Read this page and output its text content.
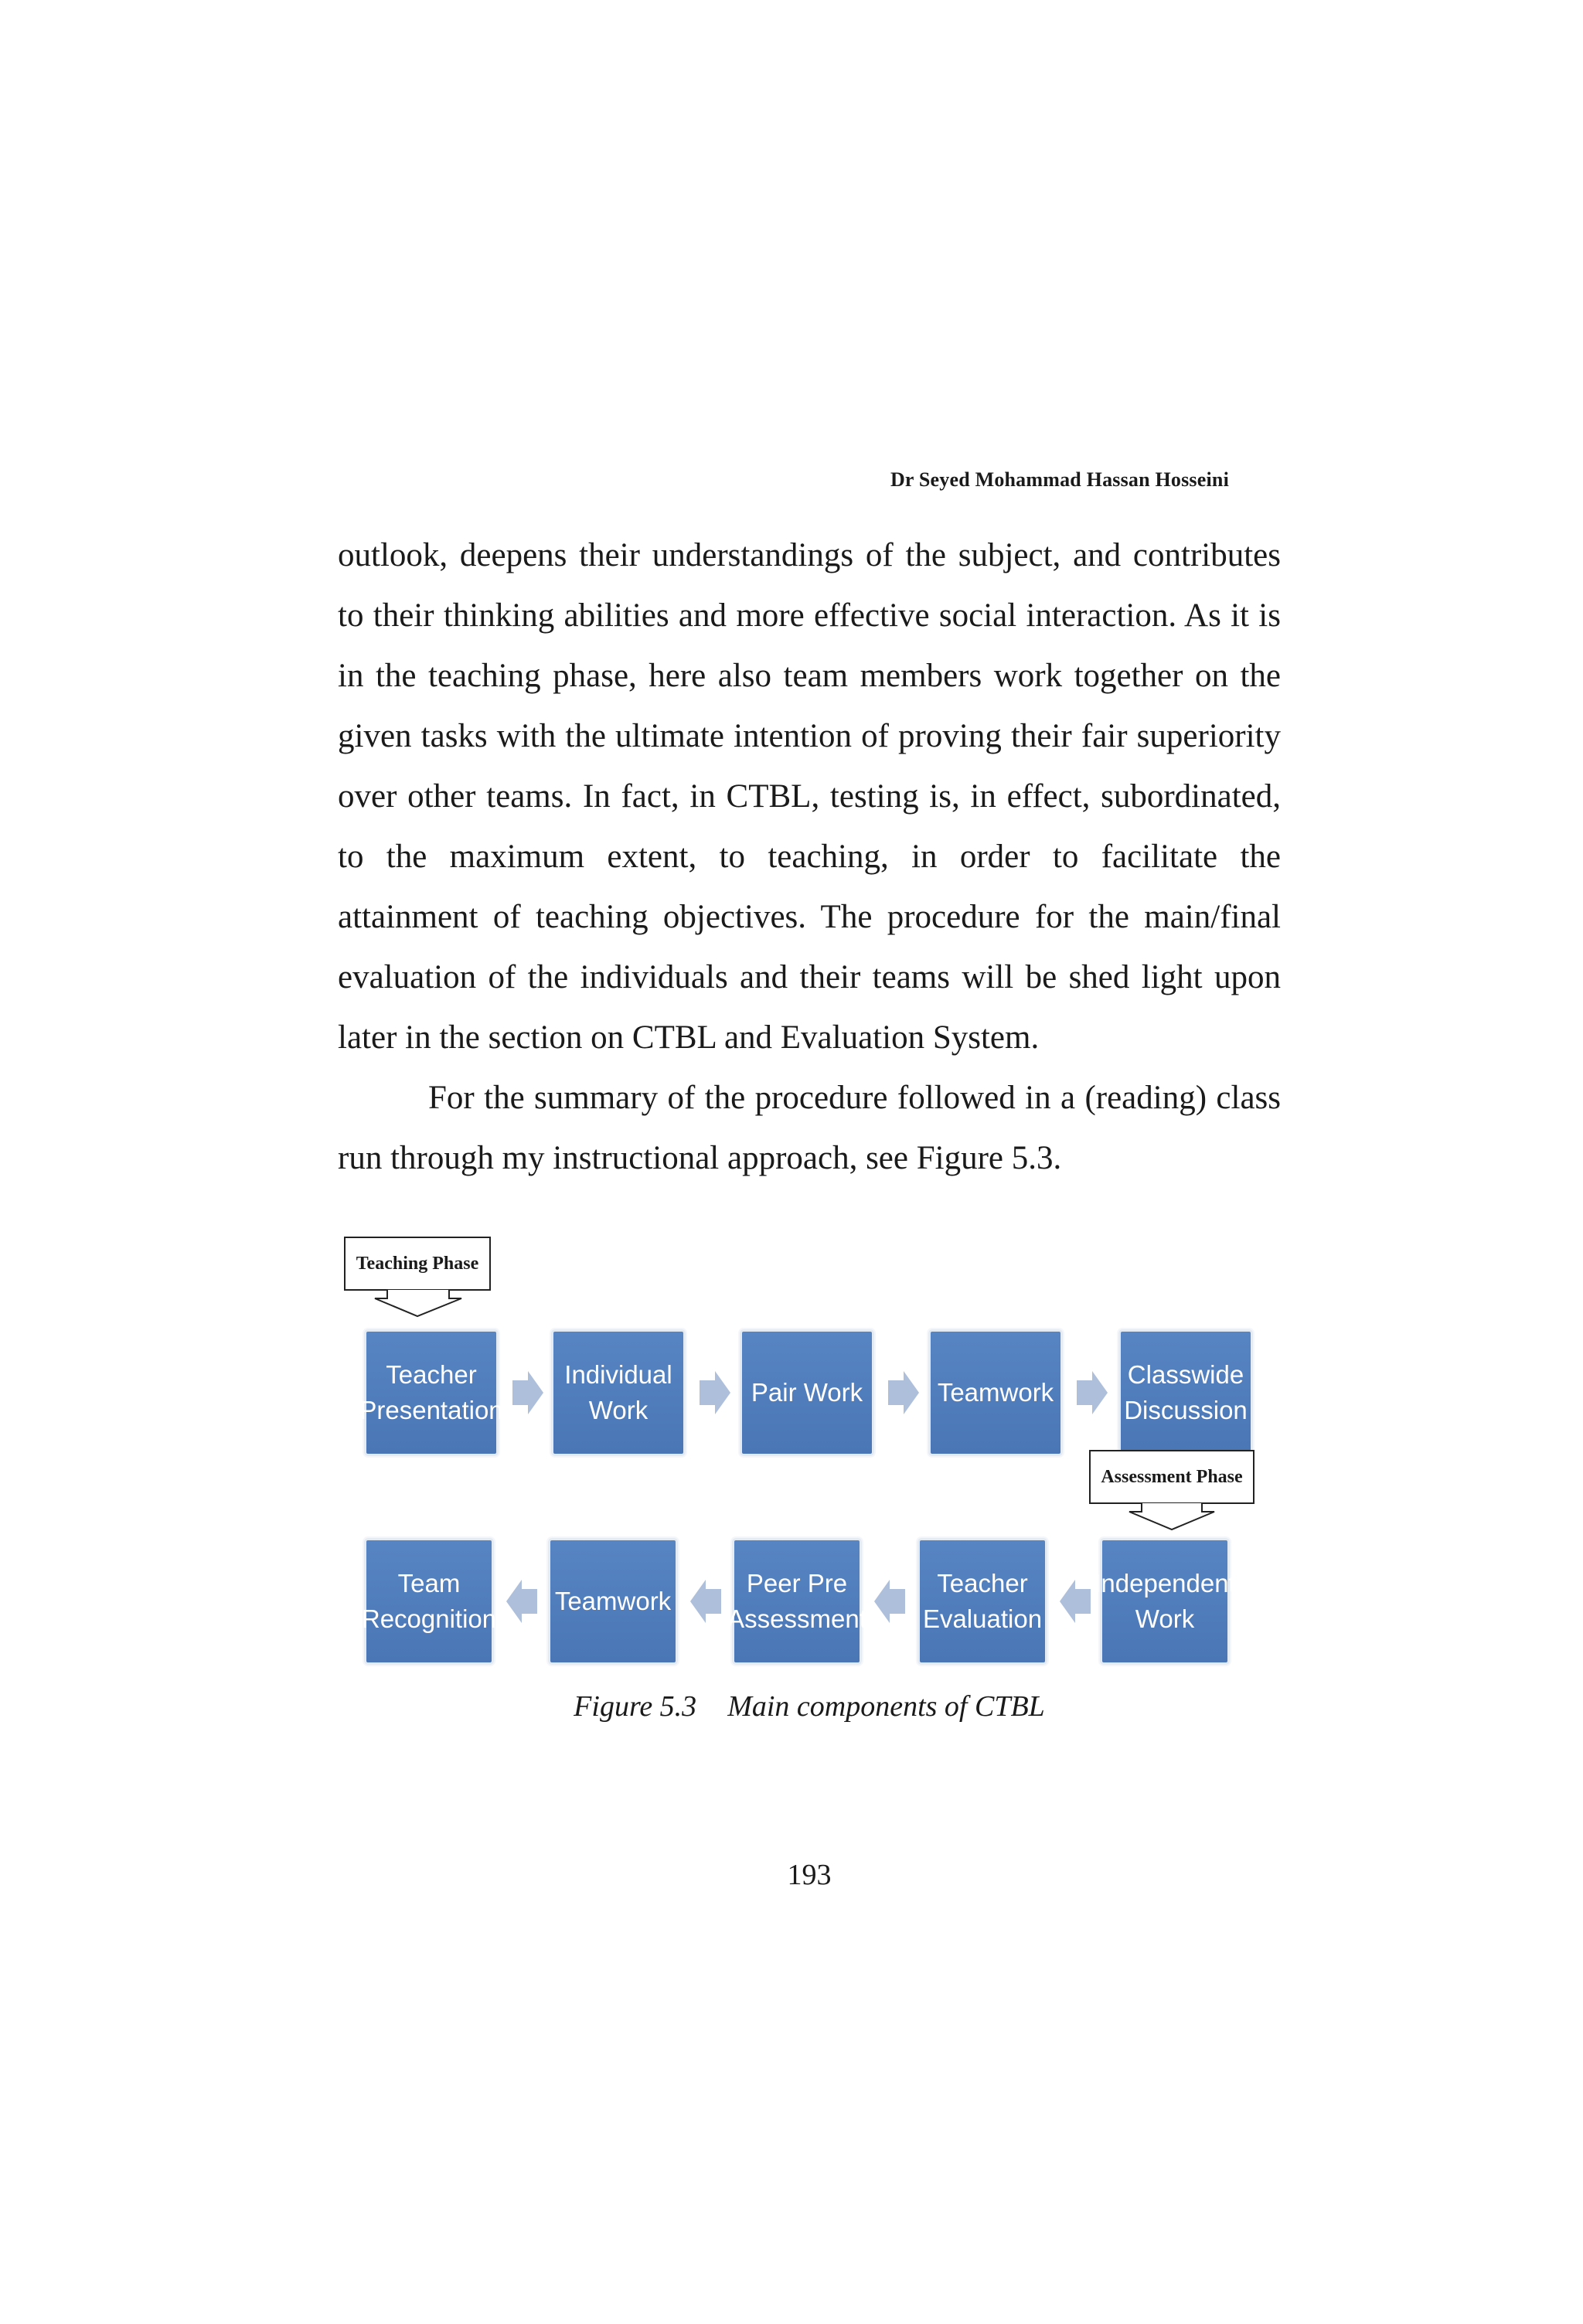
Dr Seyed Mohammad Hassan Hosseini

outlook, deepens their understandings of the subject, and contributes to their thinking abilities and more effective social interaction. As it is in the teaching phase, here also team members work together on the given tasks with the ultimate intention of proving their fair superiority over other teams. In fact, in CTBL, testing is, in effect, subordinated, to the maximum extent, to teaching, in order to facilitate the attainment of teaching objectives. The procedure for the main/final evaluation of the individuals and their teams will be shed light upon later in the section on CTBL and Evaluation System.

For the summary of the procedure followed in a (reading) class run through my instructional approach, see Figure 5.3.

Teaching Phase
Teacher
Presentation
Individual
Work
Pair Work	Teamwork
Classwide
Discussion
Assessment Phase
Team
Recognition
Teamwork
Peer Pre
Assessment
Teacher
Evaluation
Independent
Work
Figure 5.3 Main components of CTBL
193
